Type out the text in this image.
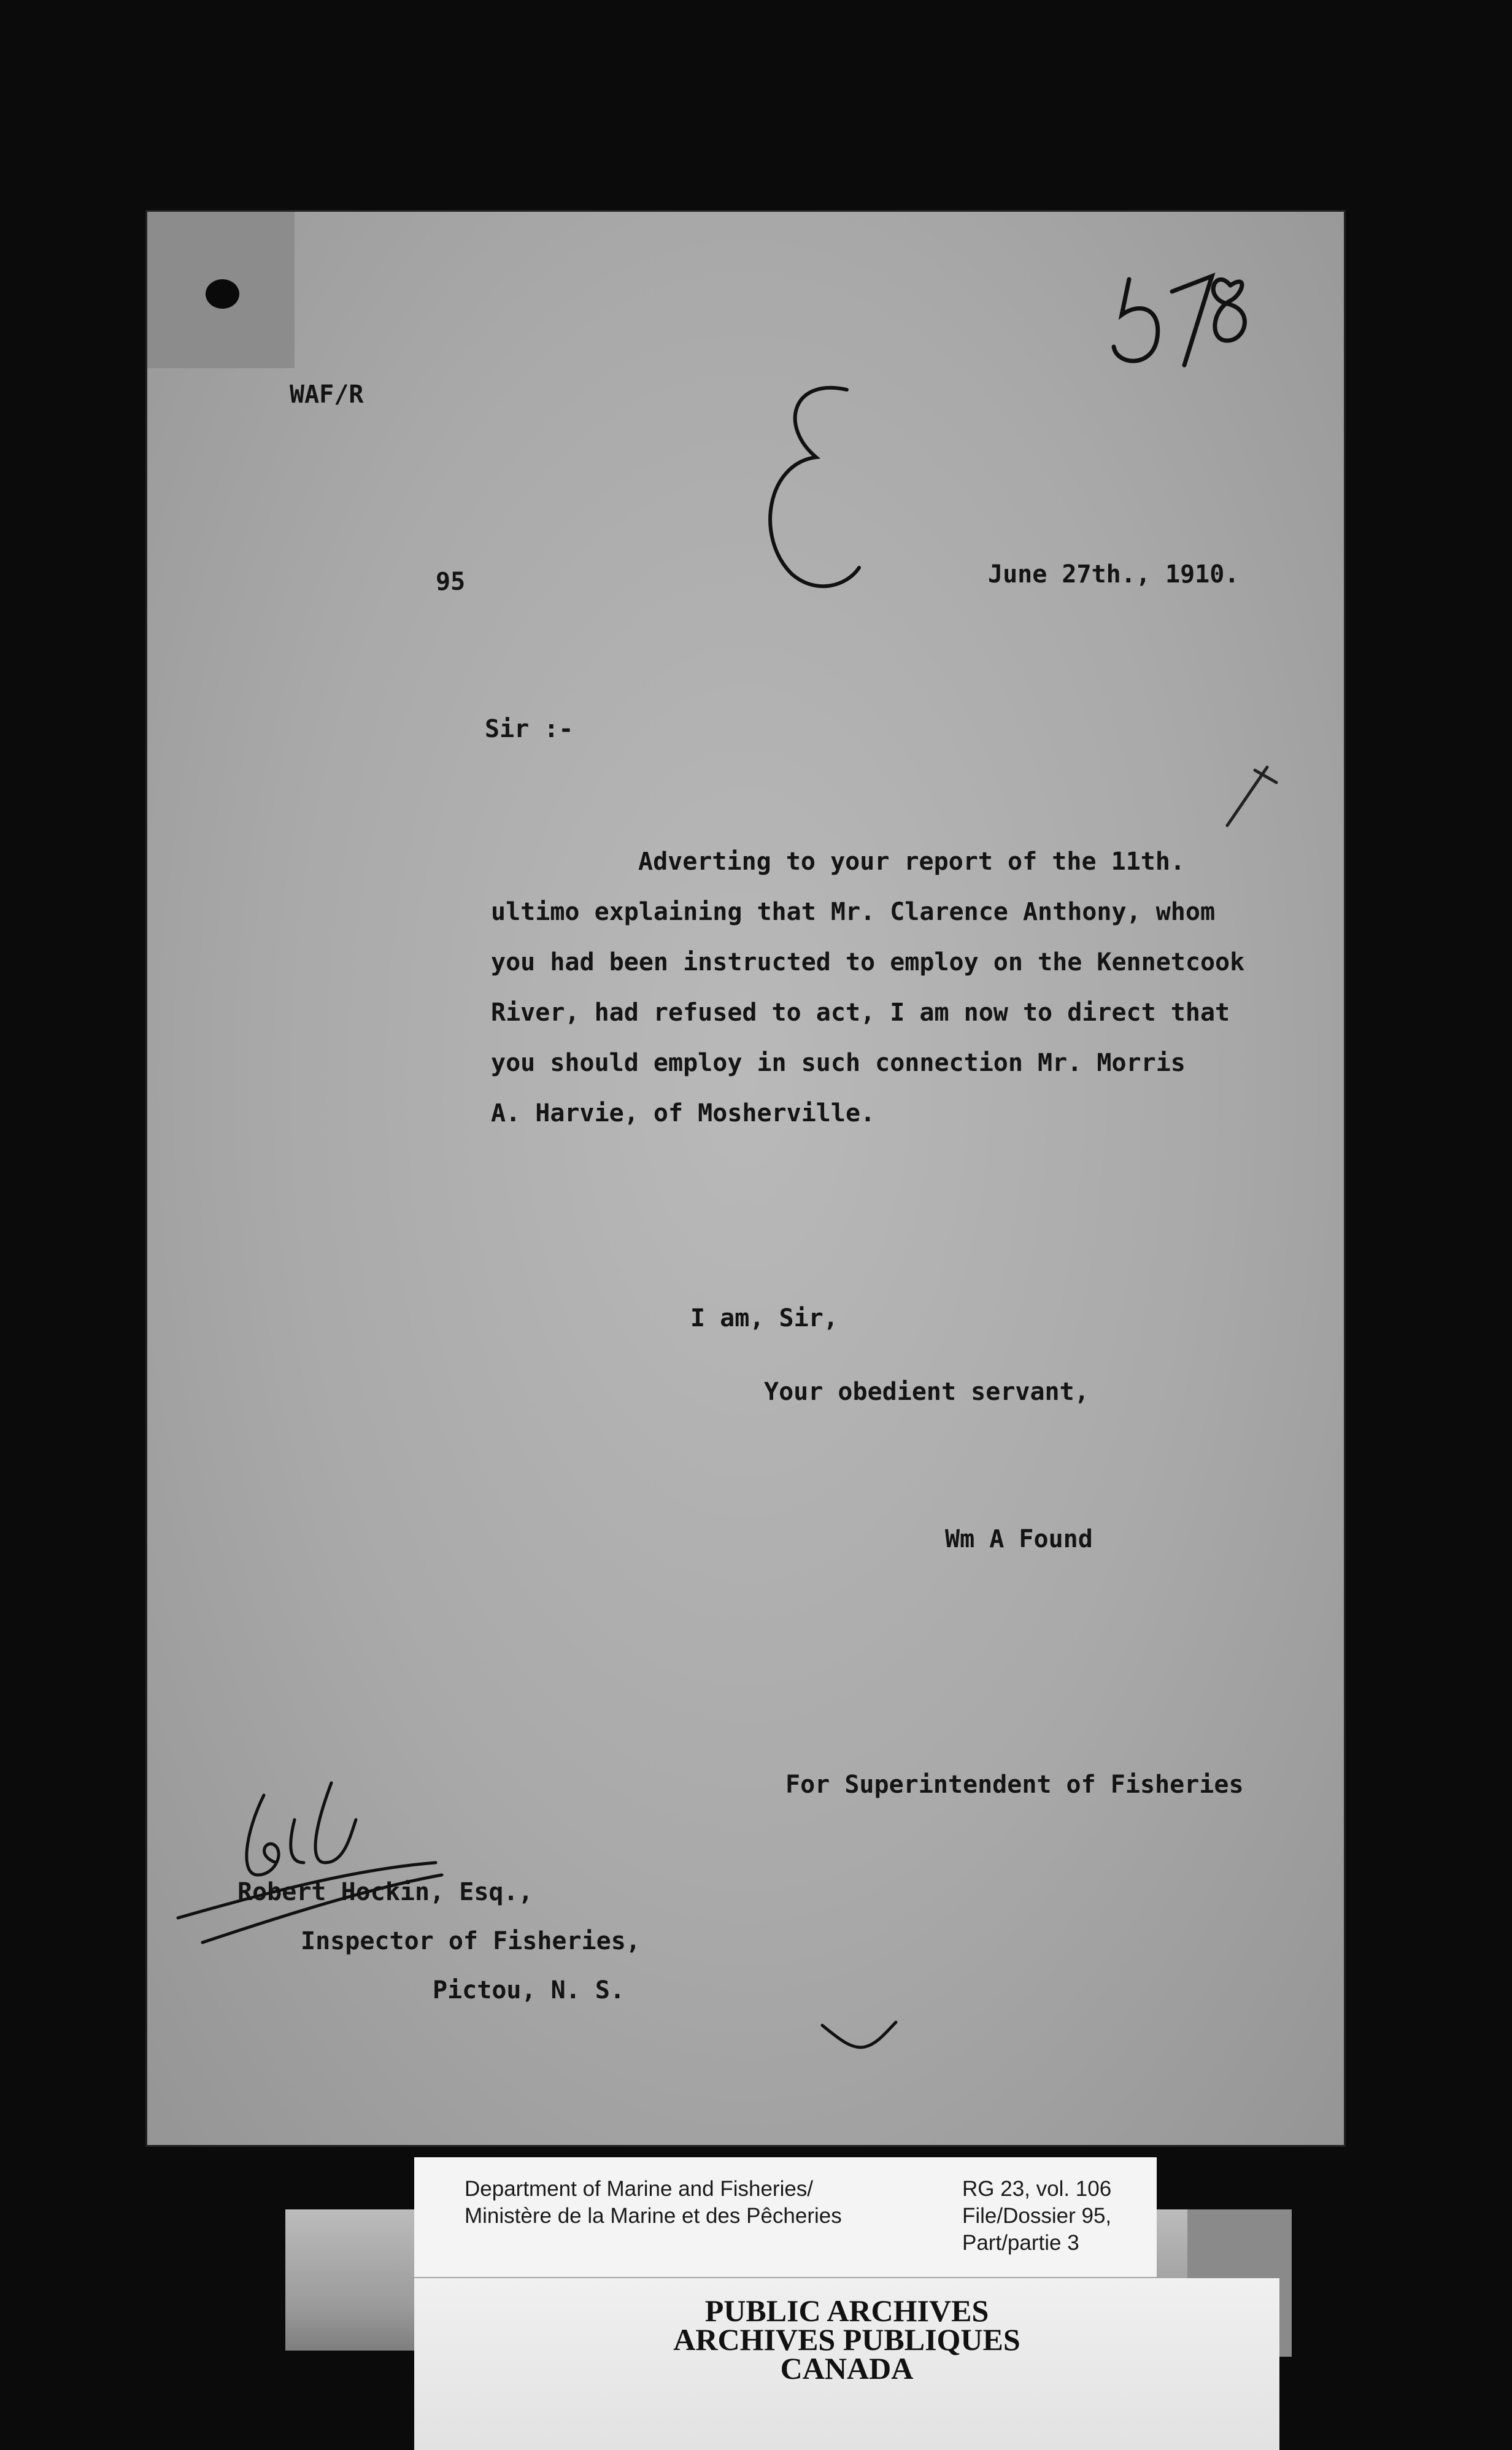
WAF/R
95	June 27th., 1910.
Sir :-
Adverting to your report of the 11th.
ultimo explaining that Mr. Clarence Anthony, whom
you had been instructed to employ on the Kennetcook
River, had refused to act, I am now to direct that
you should employ in such connection Mr. Morris
A. Harvie, of Mosherville.
I am, Sir,
Your obedient servant,
Wm A Found
For Superintendent of Fisheries
Robert Hockin, Esq.,
Inspector of Fisheries,
Pictou, N. S.
Department of Marine and Fisheries/
Ministère de la Marine et des Pêcheries
RG 23, vol. 106
File/Dossier 95,
Part/partie 3
PUBLIC ARCHIVES
ARCHIVES PUBLIQUES
CANADA
